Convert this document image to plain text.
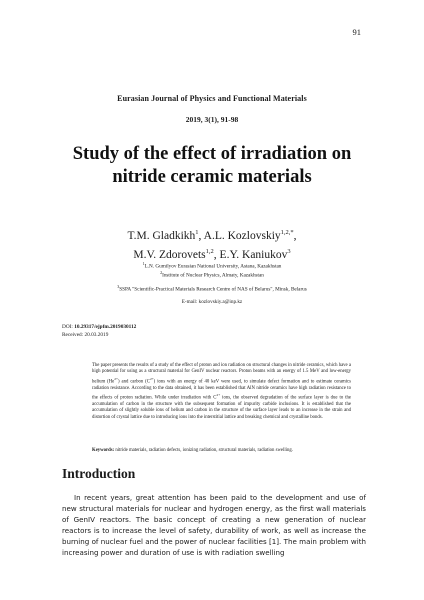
91
Eurasian Journal of Physics and Functional Materials
2019, 3(1), 91-98
Study of the effect of irradiation on
nitride ceramic materials
T.M. Gladkikh$^1$, A.L. Kozlovskiy$^{1,2,*}$,
M.V. Zdorovets$^{1,2}$, E.Y. Kaniukov$^3$
$^1$L.N. Gumilyov Eurasian National University, Astana, Kazakhstan
$^2$Institute of Nuclear Physics, Almaty, Kazakhstan
$^3$SSPA "Scientific-Practical Materials Research Centre of NAS of Belarus", Minsk, Belarus
E-mail: kozlovskiy.a@inp.kz
DOI: 10.29317/ejpfm.2019030112
Received: 20.03.2019
The paper presents the results of a study of the effect of proton and ion radiation on structural changes in nitride ceramics, which have a high potential for using as a structural material for GenIV nuclear reactors. Proton beams with an energy of 1.5 MeV and low-energy helium $(He^{2+})$ and carbon $(C^{2+})$ ions with an energy of 40 keV were used, to simulate defect formation and to estimate ceramics radiation resistance. According to the data obtained, it has been established that AlN nitride ceramics have high radiation resistance to the effects of proton radiation. While under irradiation with $C^{2+}$ ions, the observed degradation of the surface layer is due to the accumulation of carbon in the structure with the subsequent formation of impurity carbide inclusions. It is established that the accumulation of slightly soluble ions of helium and carbon in the structure of the surface layer leads to an increase in the strain and distortion of crystal lattice due to introducing ions into the interstitial lattice and breaking chemical and crystalline bonds.
Keywords: nitride materials, radiation defects, ionizing radiation, structural materials, radiation swelling.
Introduction
In recent years, great attention has been paid to the development and use of new structural materials for nuclear and hydrogen energy, as the first wall materials of GenIV reactors. The basic concept of creating a new generation of nuclear reactors is to increase the level of safety, durability of work, as well as increase the burning of nuclear fuel and the power of nuclear facilities [1]. The main problem with increasing power and duration of use is with radiation swelling
